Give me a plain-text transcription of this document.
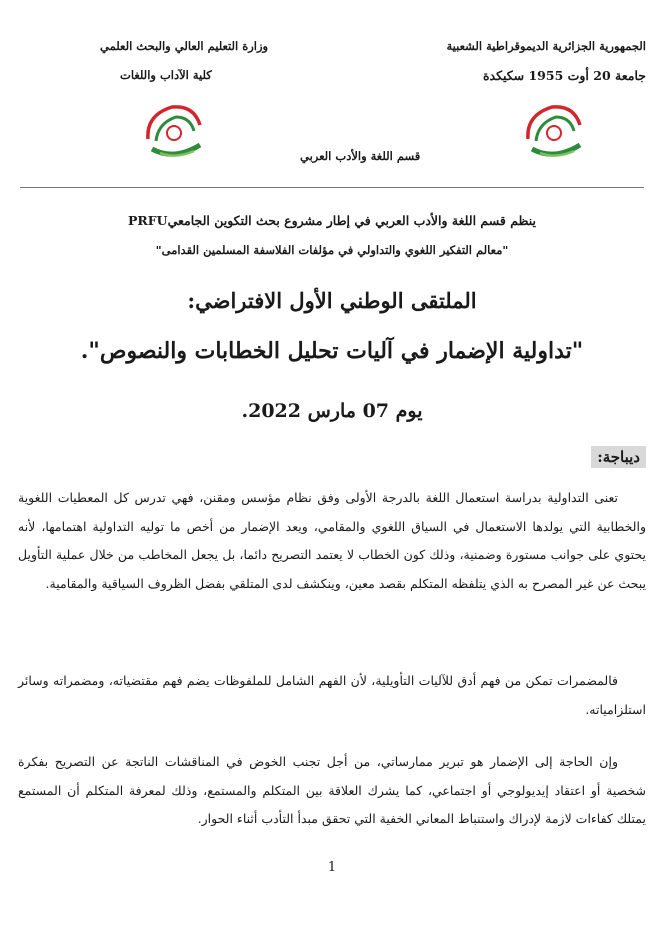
الجمهورية الجزائرية الديموقراطية الشعبية
جامعة 20 أوت 1955 سكيكدة
وزارة التعليم العالي والبحث العلمي
كلية الآداب واللغات
قسم اللغة والأدب العربي
ينظم قسم اللغة والأدب العربي في إطار مشروع بحث التكوين الجامعيPRFU
"معالم التفكير اللغوي والتداولي في مؤلفات الفلاسفة المسلمين القدامى"
الملتقى الوطني الأول الافتراضي:
"تداولية الإضمار في آليات تحليل الخطابات والنصوص".
يوم 07 مارس 2022.
ديباجة:
تعنى التداولية بدراسة استعمال اللغة بالدرجة الأولى وفق نظام مؤسس ومقنن، فهي تدرس كل المعطيات اللغوية والخطابية التي يولدها الاستعمال في السياق اللغوي والمقامي، ويعد الإضمار من أخص ما توليه التداولية اهتمامها، لأنه يحتوي على جوانب مستورة وضمنية، وذلك كون الخطاب لا يعتمد التصريح دائما، بل يجعل المخاطب من خلال عملية التأويل يبحث عن غير المصرح به الذي يتلفظه المتكلم بقصد معين، وينكشف لدى المتلقي بفضل الظروف السياقية والمقامية.
فالمضمرات تمكن من فهم أدق للآليات التأويلية، لأن الفهم الشامل للملفوظات يضم فهم مقتضياته، ومضمراته وسائر استلزامياته.
وإن الحاجة إلى الإضمار هو تبرير ممارساتي، من أجل تجنب الخوض في المناقشات الناتجة عن التصريح بفكرة شخصية أو اعتقاد إيديولوجي أو اجتماعي، كما يشرك العلاقة بين المتكلم والمستمع، وذلك لمعرفة المتكلم أن المستمع يمتلك كفاءات لازمة لإدراك واستنباط المعاني الخفية التي تحقق مبدأ التأدب أثناء الحوار.
1
